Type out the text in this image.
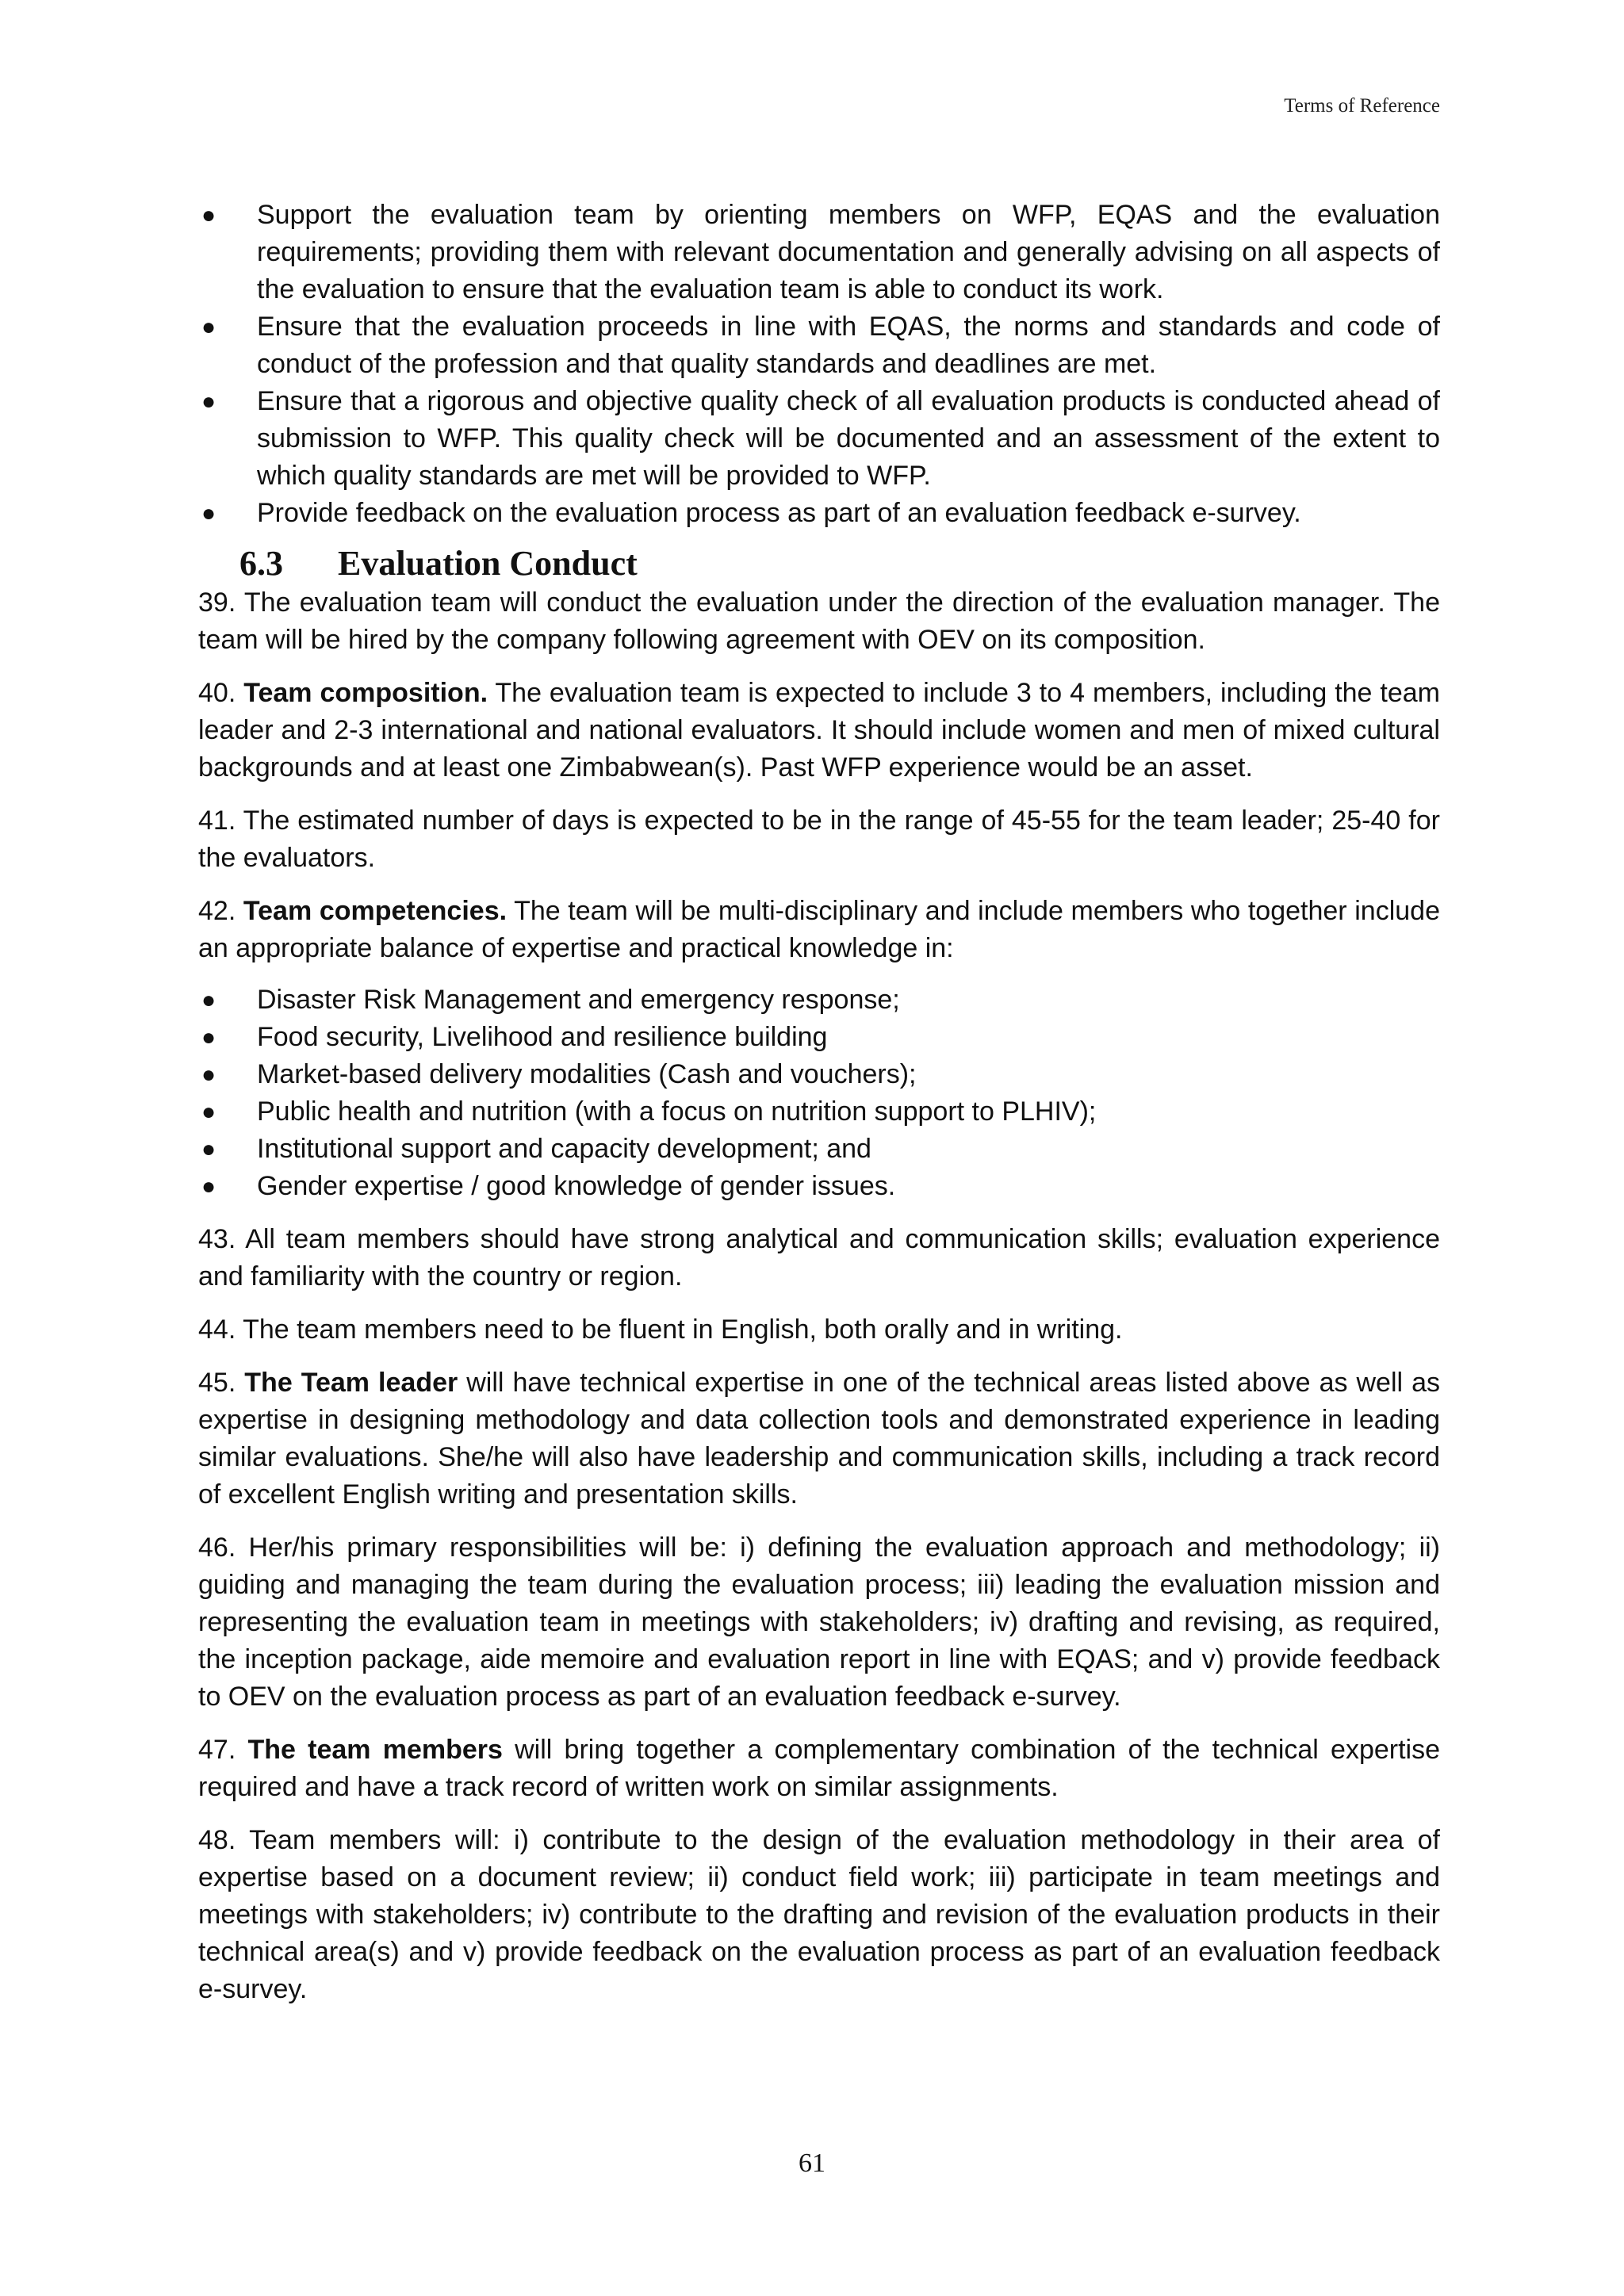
Terms of Reference
● Support the evaluation team by orienting members on WFP, EQAS and the evaluation requirements; providing them with relevant documentation and generally advising on all aspects of the evaluation to ensure that the evaluation team is able to conduct its work.
● Ensure that the evaluation proceeds in line with EQAS, the norms and standards and code of conduct of the profession and that quality standards and deadlines are met.
● Ensure that a rigorous and objective quality check of all evaluation products is conducted ahead of submission to WFP. This quality check will be documented and an assessment of the extent to which quality standards are met will be provided to WFP.
● Provide feedback on the evaluation process as part of an evaluation feedback e-survey.
6.3 Evaluation Conduct

39. The evaluation team will conduct the evaluation under the direction of the evaluation manager. The team will be hired by the company following agreement with OEV on its composition.

40. Team composition. The evaluation team is expected to include 3 to 4 members, including the team leader and 2-3 international and national evaluators. It should include women and men of mixed cultural backgrounds and at least one Zimbabwean(s). Past WFP experience would be an asset.

41. The estimated number of days is expected to be in the range of 45-55 for the team leader; 25-40 for the evaluators.

42. Team competencies. The team will be multi-disciplinary and include members who together include an appropriate balance of expertise and practical knowledge in:

● Disaster Risk Management and emergency response;
● Food security, Livelihood and resilience building
● Market-based delivery modalities (Cash and vouchers);
● Public health and nutrition (with a focus on nutrition support to PLHIV);
● Institutional support and capacity development; and
● Gender expertise / good knowledge of gender issues.

43. All team members should have strong analytical and communication skills; evaluation experience and familiarity with the country or region.

44. The team members need to be fluent in English, both orally and in writing.

45. The Team leader will have technical expertise in one of the technical areas listed above as well as expertise in designing methodology and data collection tools and demonstrated experience in leading similar evaluations. She/he will also have leadership and communication skills, including a track record of excellent English writing and presentation skills.

46. Her/his primary responsibilities will be: i) defining the evaluation approach and methodology; ii) guiding and managing the team during the evaluation process; iii) leading the evaluation mission and representing the evaluation team in meetings with stakeholders; iv) drafting and revising, as required, the inception package, aide memoire and evaluation report in line with EQAS; and v) provide feedback to OEV on the evaluation process as part of an evaluation feedback e-survey.

47. The team members will bring together a complementary combination of the technical expertise required and have a track record of written work on similar assignments.

48. Team members will: i) contribute to the design of the evaluation methodology in their area of expertise based on a document review; ii) conduct field work; iii) participate in team meetings and meetings with stakeholders; iv) contribute to the drafting and revision of the evaluation products in their technical area(s) and v) provide feedback on the evaluation process as part of an evaluation feedback e-survey.

61
